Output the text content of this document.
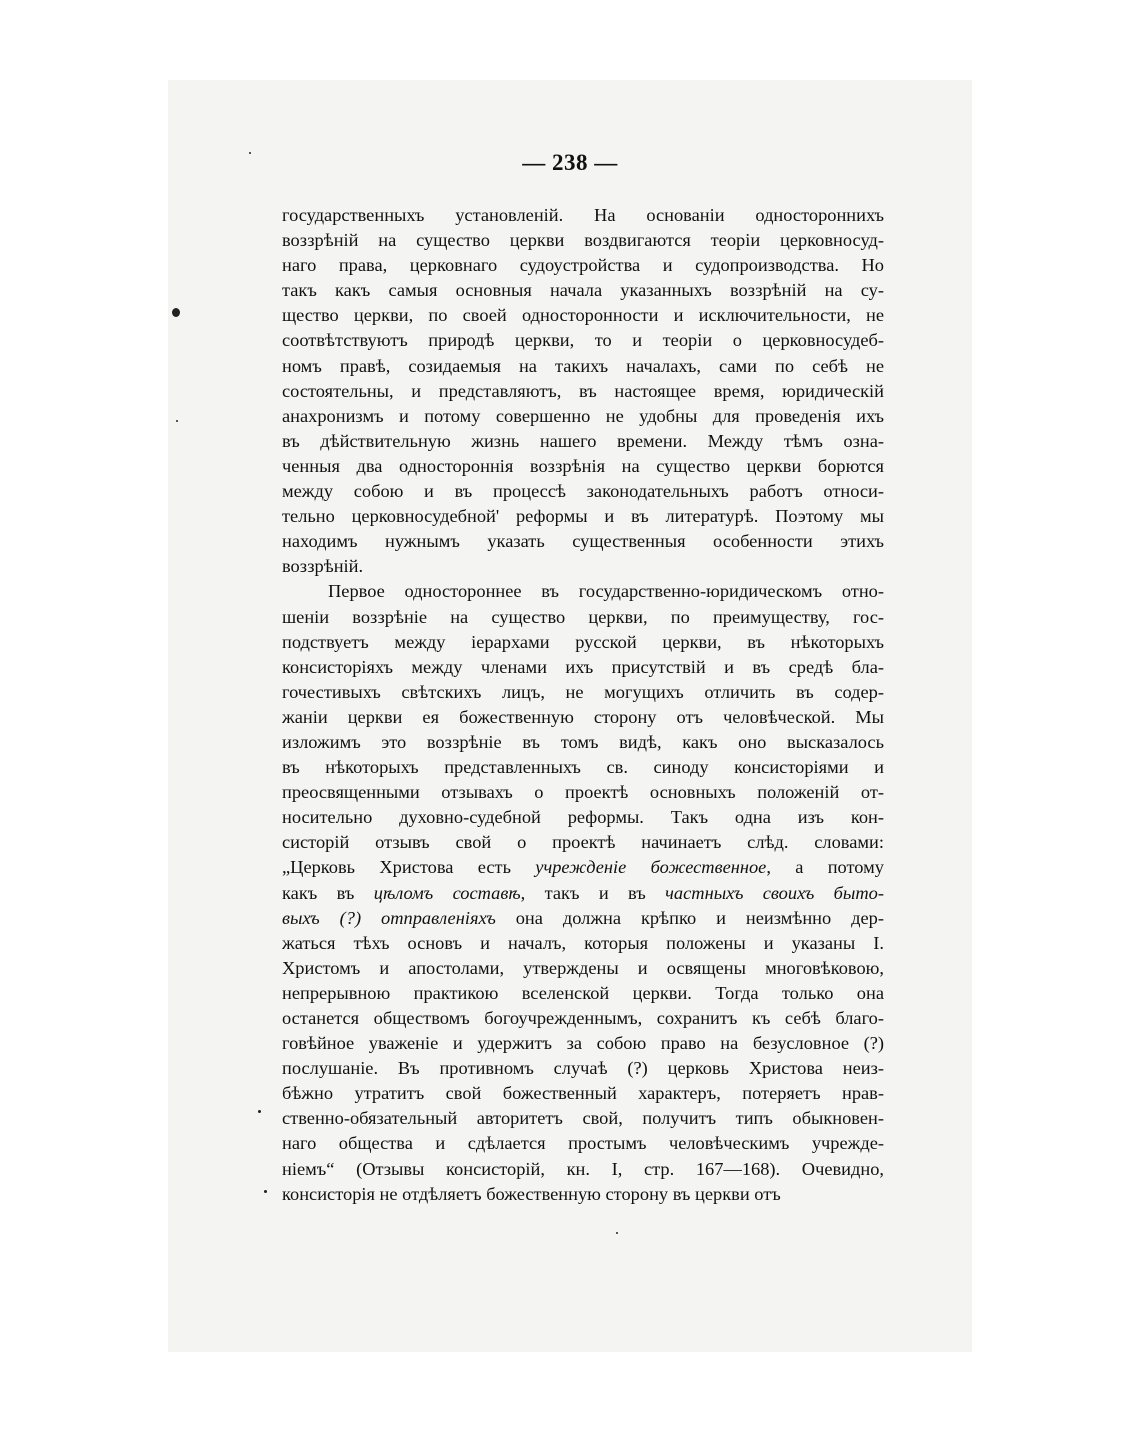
— 238 —
государственныхъ установленій. На основаніи одностороннихъ
воззрѣній на существо церкви воздвигаются теоріи церковносуд-
наго права, церковнаго судоустройства и судопроизводства. Но
такъ какъ самыя основныя начала указанныхъ воззрѣній на су-
щество церкви, по своей односторонности и исключительности, не
соотвѣтствуютъ природѣ церкви, то и теоріи о церковносудеб-
номъ правѣ, созидаемыя на такихъ началахъ, сами по себѣ не
состоятельны, и представляютъ, въ настоящее время, юридическій
анахронизмъ и потому совершенно не удобны для проведенія ихъ
въ дѣйствительную жизнь нашего времени. Между тѣмъ озна-
ченныя два одностороннія воззрѣнія на существо церкви борются
между собою и въ процессѣ законодательныхъ работъ относи-
тельно церковносудебной' реформы и въ литературѣ. Поэтому мы
находимъ нужнымъ указать существенныя особенности этихъ
воззрѣній.
Первое одностороннее въ государственно-юридическомъ отно-
шеніи воззрѣніе на существо церкви, по преимуществу, гос-
подствуетъ между іерархами русской церкви, въ нѣкоторыхъ
консисторіяхъ между членами ихъ присутствій и въ средѣ бла-
гочестивыхъ свѣтскихъ лицъ, не могущихъ отличить въ содер-
жаніи церкви ея божественную сторону отъ человѣческой. Мы
изложимъ это воззрѣніе въ томъ видѣ, какъ оно высказалось
въ нѣкоторыхъ представленныхъ св. синоду консисторіями и
преосвященными отзывахъ о проектѣ основныхъ положеній от-
носительно духовно-судебной реформы. Такъ одна изъ кон-
систорій отзывъ свой о проектѣ начинаетъ слѣд. словами:
„Церковь Христова есть учрежденіе божественное, а потому
какъ въ цѣломъ составѣ, такъ и въ частныхъ своихъ быто-
выхъ (?) отправленіяхъ она должна крѣпко и неизмѣнно дер-
жаться тѣхъ основъ и началъ, которыя положены и указаны І.
Христомъ и апостолами, утверждены и освящены многовѣковою,
непрерывною практикою вселенской церкви. Тогда только она
останется обществомъ богоучрежденнымъ, сохранитъ къ себѣ благо-
говѣйное уваженіе и удержитъ за собою право на безусловное (?)
послушаніе. Въ противномъ случаѣ (?) церковь Христова неиз-
бѣжно утратитъ свой божественный характеръ, потеряетъ нрав-
ственно-обязательный авторитетъ свой, получитъ типъ обыкновен-
наго общества и сдѣлается простымъ человѣческимъ учрежде-
ніемъ“ (Отзывы консисторій, кн. І, стр. 167—168). Очевидно,
консисторія не отдѣляетъ божественную сторону въ церкви отъ
